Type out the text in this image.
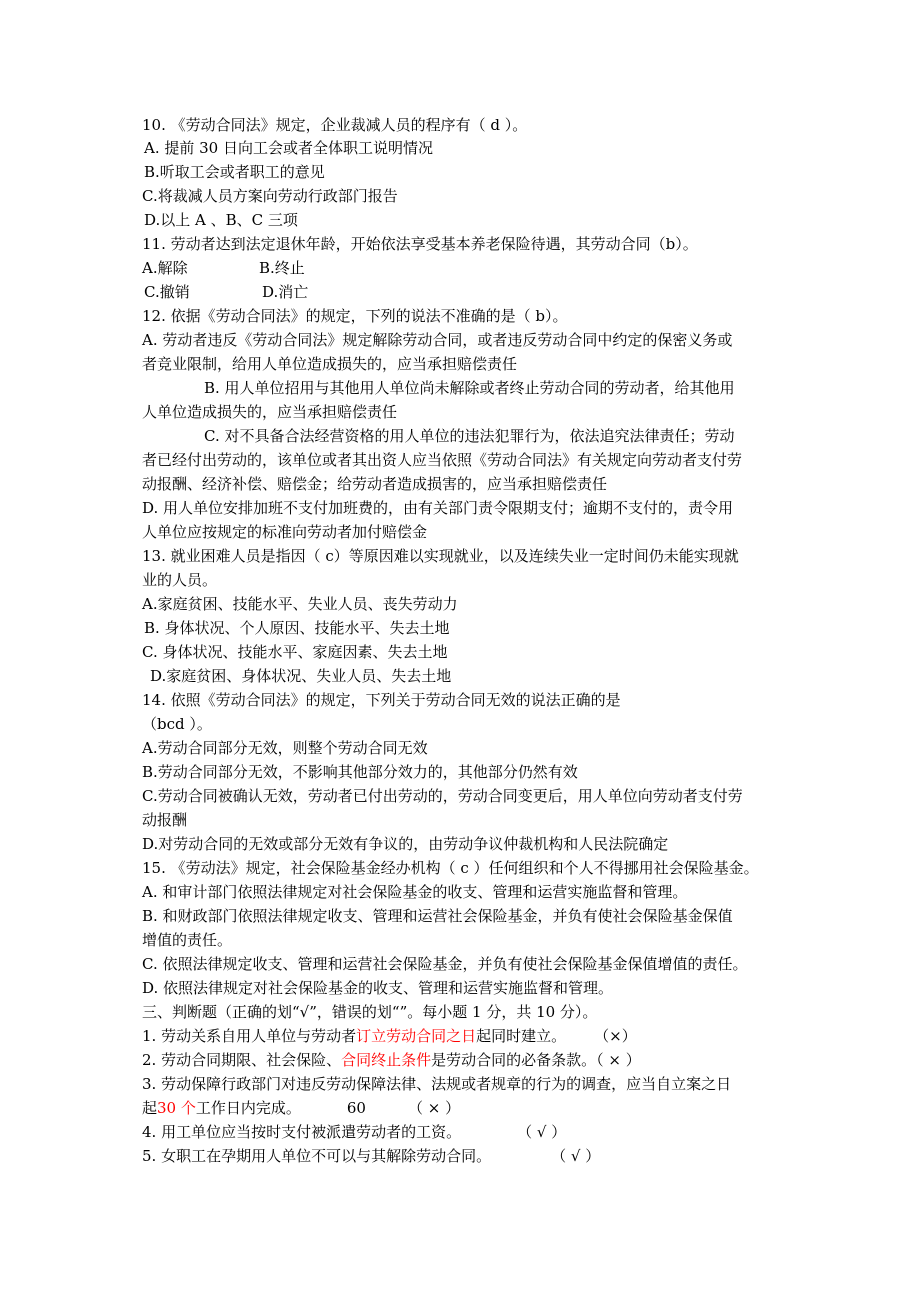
10. 《劳动合同法》规定，企业裁减人员的程序有（ d ）。
A. 提前 30 日向工会或者全体职工说明情况
B.听取工会或者职工的意见
C.将裁减人员方案向劳动行政部门报告
D.以上 A 、B、C 三项
11. 劳动者达到法定退休年龄，开始依法享受基本养老保险待遇，其劳动合同（b）。
A.解除	B.终止
C.撤销	D.消亡
12. 依据《劳动合同法》的规定，下列的说法不准确的是（ b）。
A. 劳动者违反《劳动合同法》规定解除劳动合同，或者违反劳动合同中约定的保密义务或
者竞业限制，给用人单位造成损失的，应当承担赔偿责任
B. 用人单位招用与其他用人单位尚未解除或者终止劳动合同的劳动者，给其他用
人单位造成损失的，应当承担赔偿责任
C. 对不具备合法经营资格的用人单位的违法犯罪行为，依法追究法律责任；劳动
者已经付出劳动的，该单位或者其出资人应当依照《劳动合同法》有关规定向劳动者支付劳
动报酬、经济补偿、赔偿金；给劳动者造成损害的，应当承担赔偿责任
D. 用人单位安排加班不支付加班费的，由有关部门责令限期支付；逾期不支付的，责令用
人单位应按规定的标准向劳动者加付赔偿金
13. 就业困难人员是指因（ c）等原因难以实现就业，以及连续失业一定时间仍未能实现就
业的人员。
A.家庭贫困、技能水平、失业人员、丧失劳动力
B. 身体状况、个人原因、技能水平、失去土地
C. 身体状况、技能水平、家庭因素、失去土地
D.家庭贫困、身体状况、失业人员、失去土地
14. 依照《劳动合同法》的规定，下列关于劳动合同无效的说法正确的是
（bcd ）。
A.劳动合同部分无效，则整个劳动合同无效
B.劳动合同部分无效，不影响其他部分效力的，其他部分仍然有效
C.劳动合同被确认无效，劳动者已付出劳动的，劳动合同变更后，用人单位向劳动者支付劳
动报酬
D.对劳动合同的无效或部分无效有争议的，由劳动争议仲裁机构和人民法院确定
15. 《劳动法》规定，社会保险基金经办机构（ c ）任何组织和个人不得挪用社会保险基金。
A. 和审计部门依照法律规定对社会保险基金的收支、管理和运营实施监督和管理。
B. 和财政部门依照法律规定收支、管理和运营社会保险基金，并负有使社会保险基金保值
增值的责任。
C. 依照法律规定收支、管理和运营社会保险基金，并负有使社会保险基金保值增值的责任。
D. 依照法律规定对社会保险基金的收支、管理和运营实施监督和管理。
三、判断题（正确的划“√”，错误的划“”。每小题 1 分，共 10 分）。
1. 劳动关系自用人单位与劳动者订立劳动合同之日起同时建立。 （×）
2. 劳动合同期限、社会保险、合同终止条件是劳动合同的必备条款。（ × ）
3. 劳动保障行政部门对违反劳动保障法律、法规或者规章的行为的调查，应当自立案之日
起30 个工作日内完成。	60	（ × ）
4. 用工单位应当按时支付被派遣劳动者的工资。	（ √ ）
5. 女职工在孕期用人单位不可以与其解除劳动合同。	（ √ ）
